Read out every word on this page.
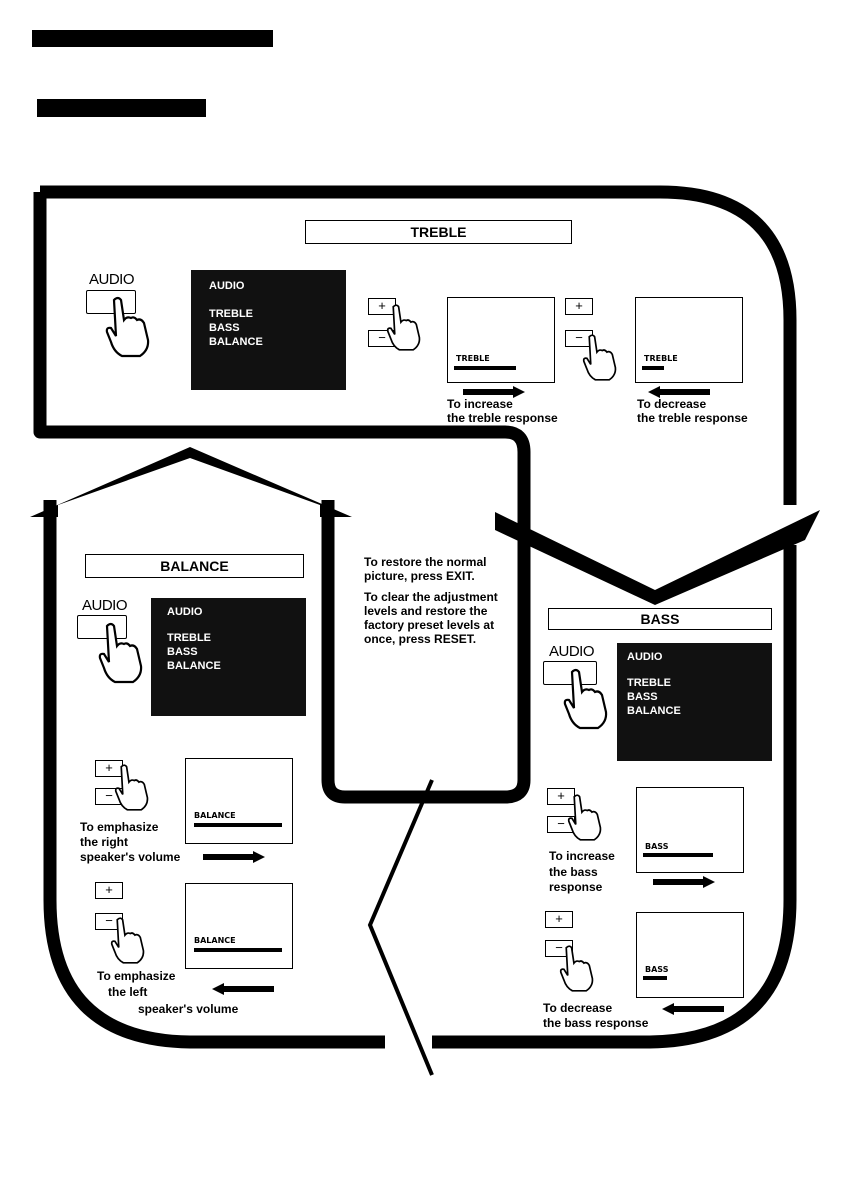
TREBLE
AUDIO	AUDIO
TREBLE
BASS
BALANCE
+
−
TREBLE
To increase
the treble response
+
−
TREBLE
To decrease
the treble response
BALANCE
AUDIO	AUDIO
TREBLE
BASS
BALANCE
+
−
BALANCE
To emphasize
the right
speaker's volume
+
−
BALANCE
To emphasize
the left
speaker's volume
To restore the normal picture, press EXIT.
To clear the adjustment levels and restore the factory preset levels at once, press RESET.
BASS
AUDIO	AUDIO
TREBLE
BASS
BALANCE
+
−
BASS
To increase
the bass
response
+
−
BASS
To decrease
the bass response
